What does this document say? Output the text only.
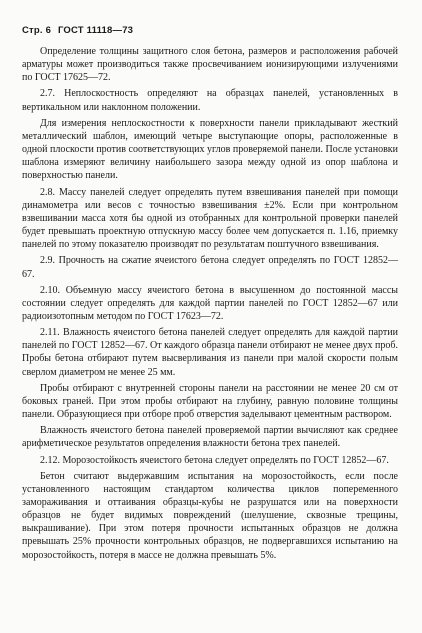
Стр. 6 ГОСТ 11118—73

Определение толщины защитного слоя бетона, размеров и расположения рабочей арматуры может производиться также просвечиванием ионизирующими излучениями по ГОСТ 17625—72.

2.7. Неплоскостность определяют на образцах панелей, установленных в вертикальном или наклонном положении.

Для измерения неплоскостности к поверхности панели прикладывают жесткий металлический шаблон, имеющий четыре выступающие опоры, расположенные в одной плоскости против соответствующих углов проверяемой панели. После установки шаблона измеряют величину наибольшего зазора между одной из опор шаблона и поверхностью панели.

2.8. Массу панелей следует определять путем взвешивания панелей при помощи динамометра или весов с точностью взвешивания ±2%. Если при контрольном взвешивании масса хотя бы одной из отобранных для контрольной проверки панелей будет превышать проектную отпускную массу более чем допускается п. 1.16, приемку панелей по этому показателю производят по результатам поштучного взвешивания.

2.9. Прочность на сжатие ячеистого бетона следует определять по ГОСТ 12852—67.

2.10. Объемную массу ячеистого бетона в высушенном до постоянной массы состоянии следует определять для каждой партии панелей по ГОСТ 12852—67 или радиоизотопным методом по ГОСТ 17623—72.

2.11. Влажность ячеистого бетона панелей следует определять для каждой партии панелей по ГОСТ 12852—67. От каждого образца панели отбирают не менее двух проб. Пробы бетона отбирают путем высверливания из панели при малой скорости полым сверлом диаметром не менее 25 мм.

Пробы отбирают с внутренней стороны панели на расстоянии не менее 20 см от боковых граней. При этом пробы отбирают на глубину, равную половине толщины панели. Образующиеся при отборе проб отверстия заделывают цементным раствором.

Влажность ячеистого бетона панелей проверяемой партии вычисляют как среднее арифметическое результатов определения влажности бетона трех панелей.

2.12. Морозостойкость ячеистого бетона следует определять по ГОСТ 12852—67.

Бетон считают выдержавшим испытания на морозостойкость, если после установленного настоящим стандартом количества циклов попеременного замораживания и оттаивания образцы-кубы не разрушатся или на поверхности образцов не будет видимых повреждений (шелушение, сквозные трещины, выкрашивание). При этом потеря прочности испытанных образцов не должна превышать 25% прочности контрольных образцов, не подвергавшихся испытанию на морозостойкость, потеря в массе не должна превышать 5%.
